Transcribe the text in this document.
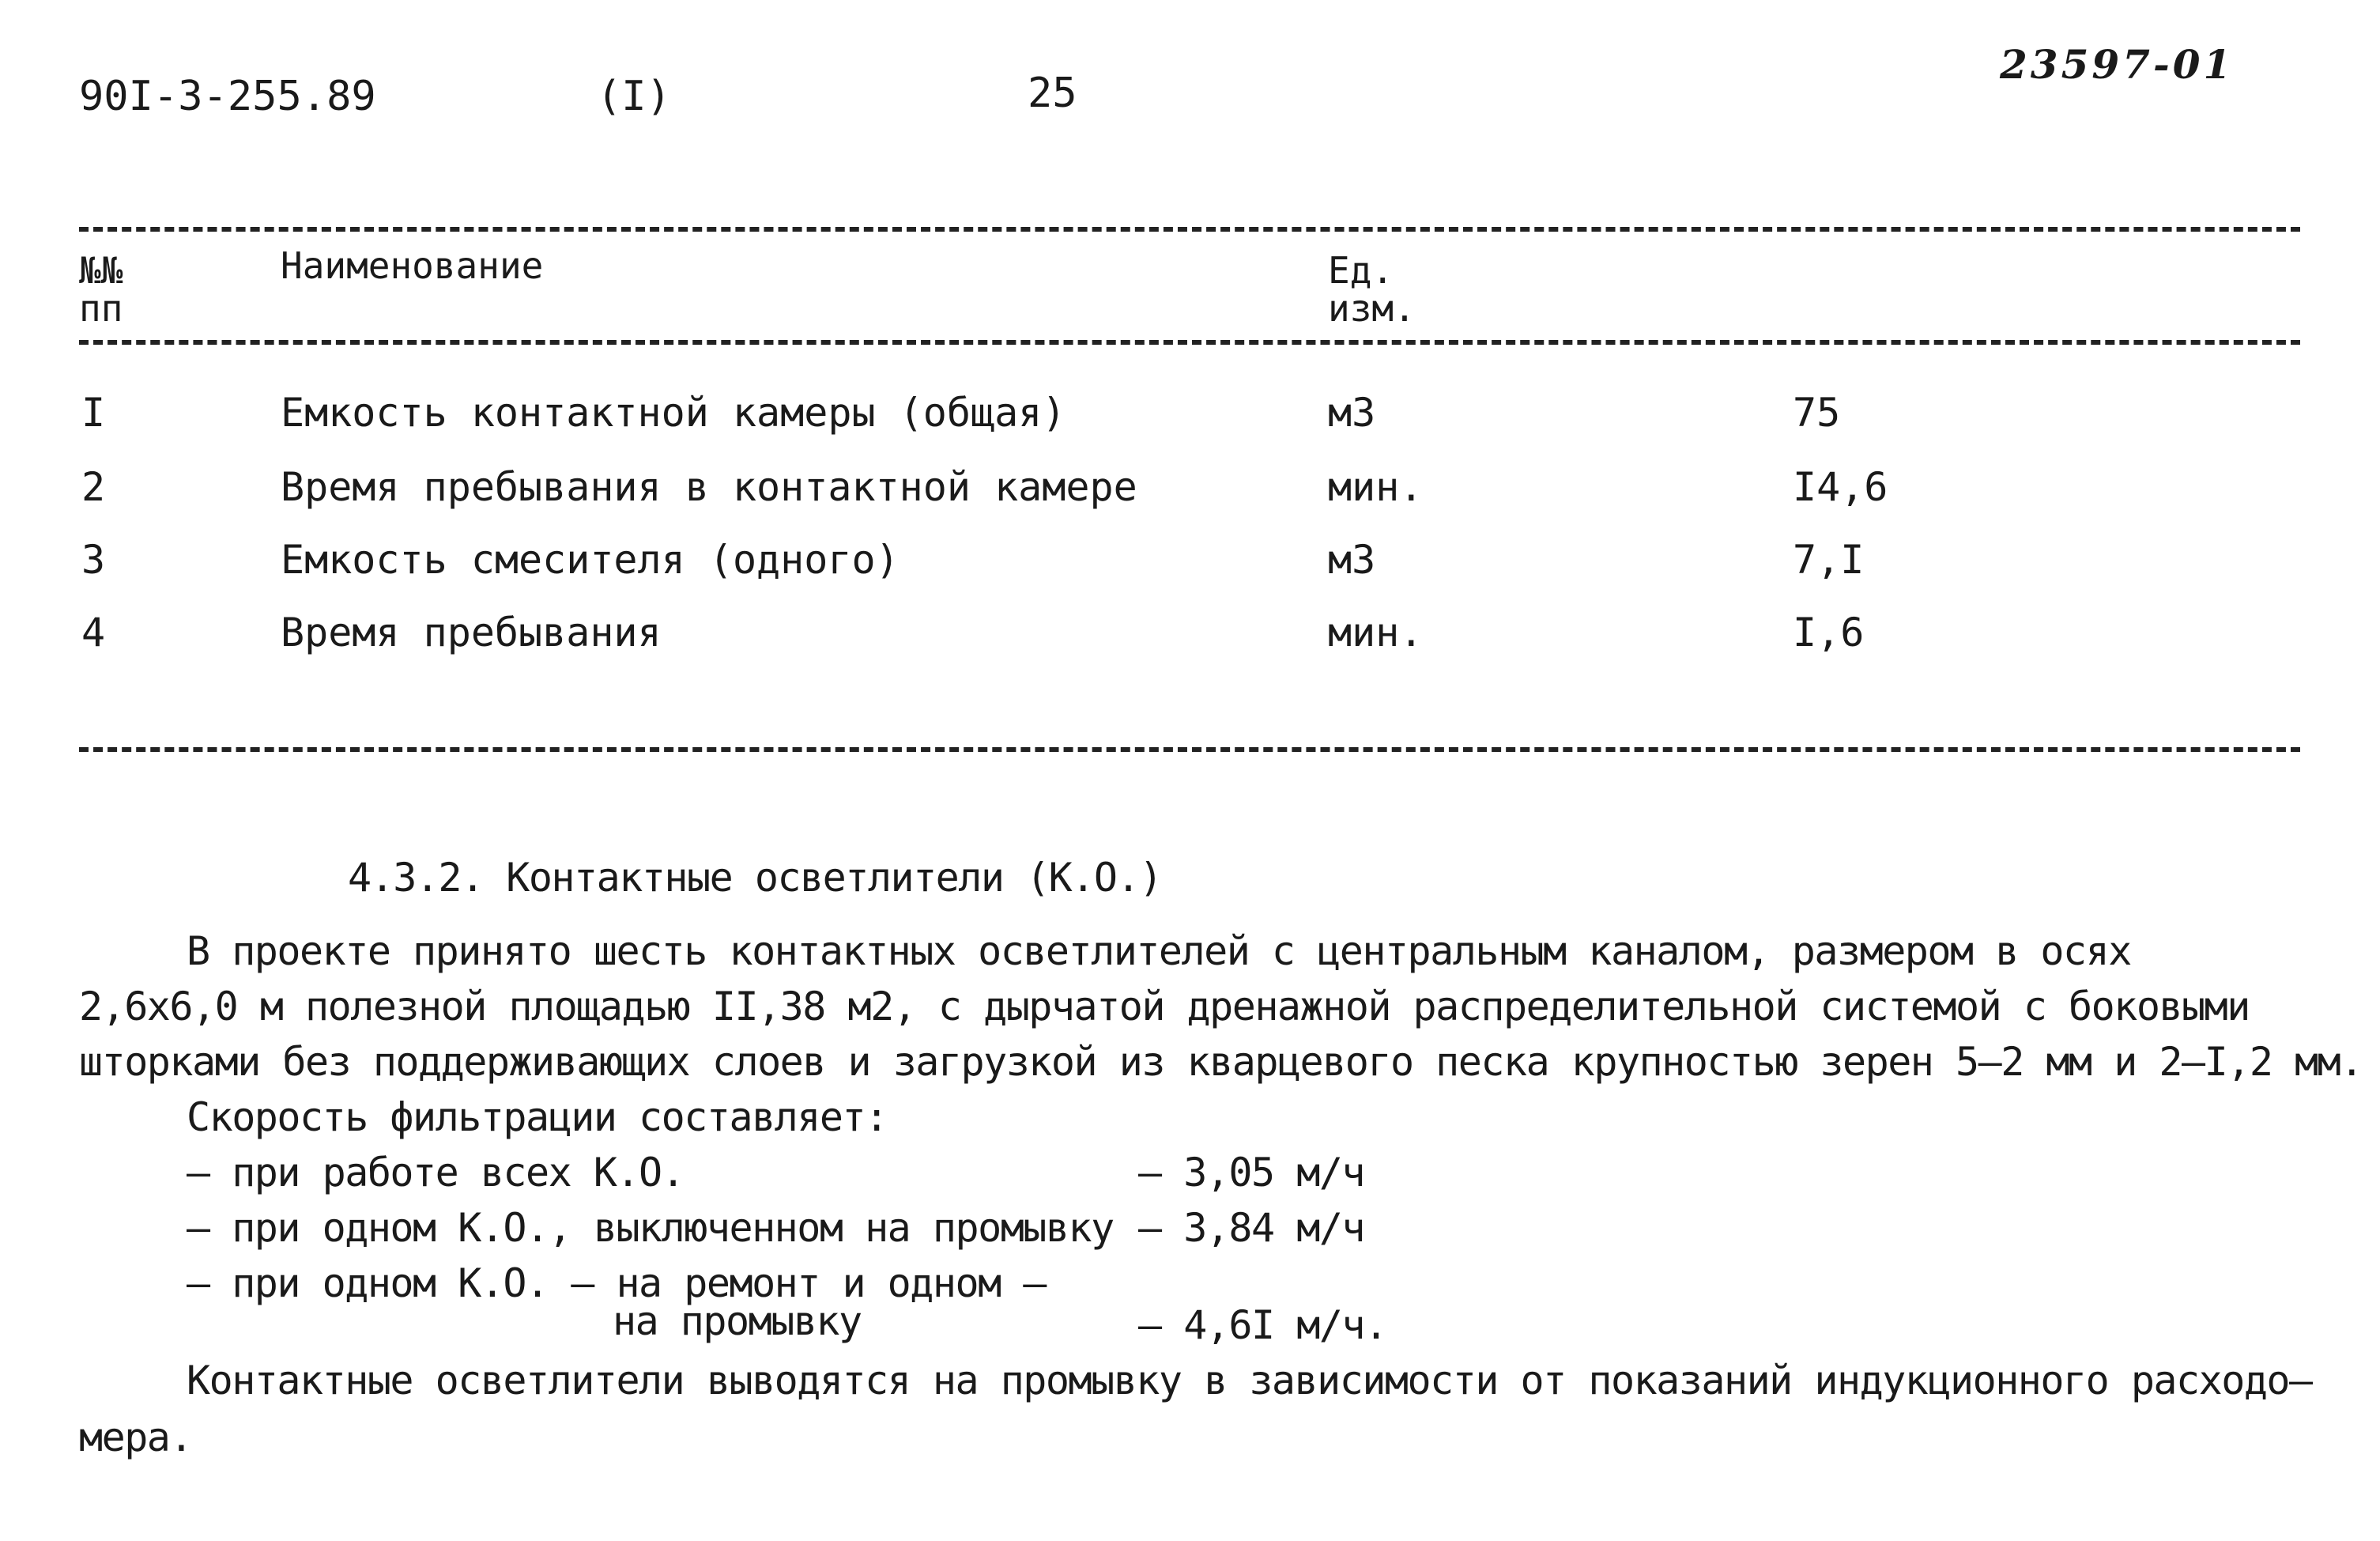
90I-3-255.89	(I)	25
23597-01
№№
пп
Наименование	Ед.
изм.
I	Емкость контактной камеры (общая)	м3	75
2	Время пребывания в контактной камере	мин.	I4,6
3	Емкость смесителя (одного)	м3	7,I
4	Время пребывания	мин.	I,6
4.3.2. Контактные осветлители (К.О.)
В проекте принято шесть контактных осветлителей с центральным каналом, размером в осях
2,6х6,0 м полезной площадью II,38 м2, с дырчатой дренажной распределительной системой с боковыми
шторками без поддерживающих слоев и загрузкой из кварцевого песка крупностью зерен 5–2 мм и 2–I,2 мм.
Скорость фильтрации составляет:
– при работе всех К.О.	– 3,05 м/ч
– при одном К.О., выключенном на промывку – 3,84 м/ч
– при одном К.О. – на ремонт и одном –
на промывку	– 4,6I м/ч.
Контактные осветлители выводятся на промывку в зависимости от показаний индукционного расходо–
мера.
